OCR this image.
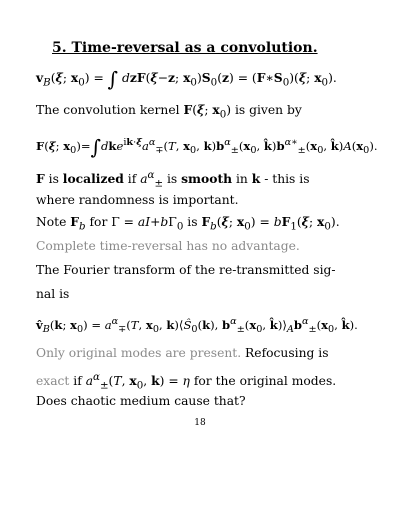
5. Time-reversal as a convolution.
$v_B(\xi$; $x_0$) = ∫ dzF(ξ−z; $x_0)S_0(z)$ = $(F∗S_0)(\xi$; $x_0$).
The convolution kernel F(ξ; $x_0$) is given by
F(ξ; $x_0)=\int dke^{ik\cdot\xi}a^\alpha_\mp(T$, $x_0$, $k)b^\alpha_\pm(x_0$, $k̂)b^{\alpha∗}_\pm(x_0$, $k̂)A(x_0)$.
F is localized if $a^\alpha_\pm$ is smooth in k - this is
where randomness is important.
Note $F_b$ for $\Gamma = aI+b\Gamma_0$ is $F_b(\xi$; $x_0) = bF_1(\xi$; $x_0$).
Complete time-reversal has no advantage.
The Fourier transform of the re-transmitted sig-
nal is
$v̂_B(k$; $x_0) = a^\alpha_\mp(T$, $x_0$, $k)⟨Ŝ_0(k)$, $b^\alpha_\pm(x_0$, $k̂)⟩_Ab^\alpha_\pm(x_0$, k̂).
Only original modes are present. Refocusing is
exact if $a^\alpha_\pm(T$, $x_0$, k) = η for the original modes.
Does chaotic medium cause that?
18
